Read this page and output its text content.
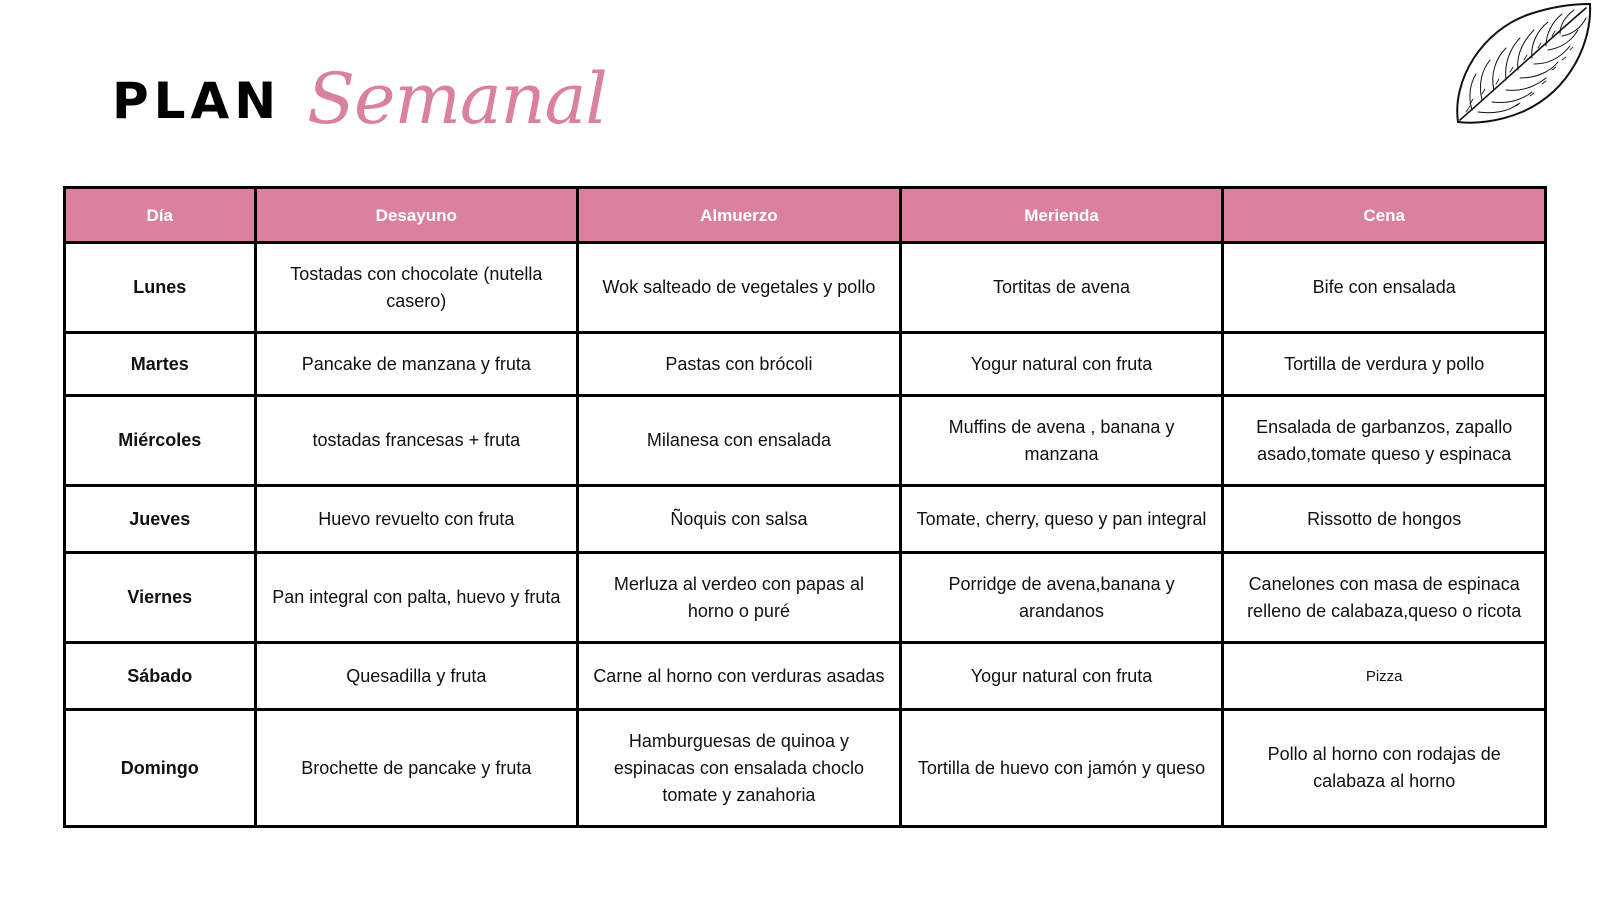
PLAN Semanal
Día	Desayuno	Almuerzo	Merienda	Cena
Lunes	Tostadas con chocolate (nutella casero)	Wok salteado de vegetales y pollo	Tortitas de avena	Bife con ensalada
Martes	Pancake de manzana y fruta	Pastas con brócoli	Yogur natural con fruta	Tortilla de verdura y pollo
Miércoles	tostadas francesas + fruta	Milanesa con ensalada	Muffins de avena , banana y manzana	Ensalada de garbanzos, zapallo asado,tomate queso y espinaca
Jueves	Huevo revuelto con fruta	Ñoquis con salsa	Tomate, cherry, queso y pan integral	Rissotto de hongos
Viernes	Pan integral con palta, huevo y fruta	Merluza al verdeo con papas al horno o puré	Porridge de avena,banana y arandanos	Canelones con masa de espinaca relleno de calabaza,queso o ricota
Sábado	Quesadilla y fruta	Carne al horno con verduras asadas	Yogur natural con fruta	Pizza
Domingo	Brochette de pancake y fruta	Hamburguesas de quinoa y espinacas con ensalada choclo tomate y zanahoria	Tortilla de huevo con jamón y queso	Pollo al horno con rodajas de calabaza al horno
